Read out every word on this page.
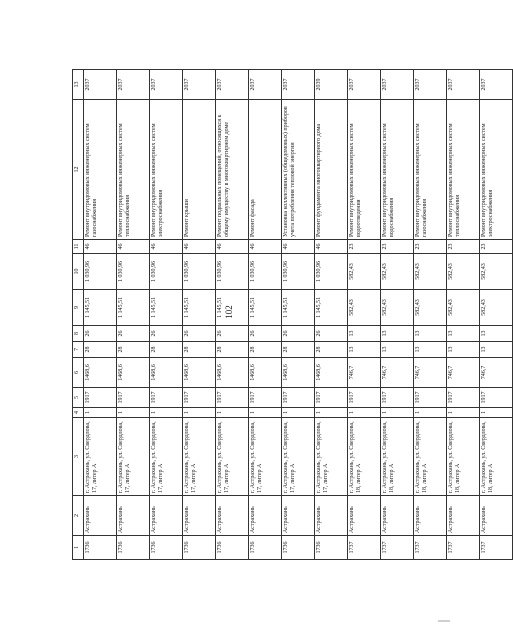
102
1	2	3	4	5	6	7	8	9	10	11	12	13
1736	Астрахань	г. Астрахань, ул. Свердлова, 17, литер А	1	1917	1468,6	28	26	1 145,51	1 030,96	46	Ремонт внутридомовых инженерных систем газоснабжения	2037
1736	Астрахань	г. Астрахань, ул. Свердлова, 17, литер А	1	1917	1468,6	28	26	1 145,51	1 030,96	46	Ремонт внутридомовых инженерных систем теплоснабжения	2037
1736	Астрахань	г. Астрахань, ул. Свердлова, 17, литер А	1	1917	1468,6	28	26	1 145,51	1 030,96	46	Ремонт внутридомовых инженерных систем электроснабжения	2037
1736	Астрахань	г. Астрахань, ул. Свердлова, 17, литер А	1	1917	1468,6	28	26	1 145,51	1 030,96	46	Ремонт крыши	2037
1736	Астрахань	г. Астрахань, ул. Свердлова, 17, литер А	1	1917	1468,6	28	26	1 145,51	1 030,96	46	Ремонт подвальных помещений, относящихся к общему имуществу в многоквартирном доме	2037
1736	Астрахань	г. Астрахань, ул. Свердлова, 17, литер А	1	1917	1468,6	28	26	1 145,51	1 030,96	46	Ремонт фасада	2037
1736	Астрахань	г. Астрахань, ул. Свердлова, 17, литер А	1	1917	1468,6	28	26	1 145,51	1 030,96	46	Установка коллективных (общедомовых) приборов учета потребления тепловой энергии	2037
1736	Астрахань	г. Астрахань, ул. Свердлова, 17, литер А	1	1917	1468,6	28	26	1 145,51	1 030,96	46	Ремонт фундамента многоквартирного дома	2039
1737	Астрахань	г. Астрахань, ул. Свердлова, 18, литер А	1	1917	746,7	13	13	582,43	582,43	23	Ремонт внутридомовых инженерных систем водоотведения	2037
1737	Астрахань	г. Астрахань, ул. Свердлова, 18, литер А	1	1917	746,7	13	13	582,43	582,43	23	Ремонт внутридомовых инженерных систем водоснабжения	2037
1737	Астрахань	г. Астрахань, ул. Свердлова, 18, литер А	1	1917	746,7	13	13	582,43	582,43	23	Ремонт внутридомовых инженерных систем газоснабжения	2037
1737	Астрахань	г. Астрахань, ул. Свердлова, 18, литер А	1	1917	746,7	13	13	582,43	582,43	23	Ремонт внутридомовых инженерных систем теплоснабжения	2037
1737	Астрахань	г. Астрахань, ул. Свердлова, 18, литер А	1	1917	746,7	13	13	582,43	582,43	23	Ремонт внутридомовых инженерных систем электроснабжения	2037
